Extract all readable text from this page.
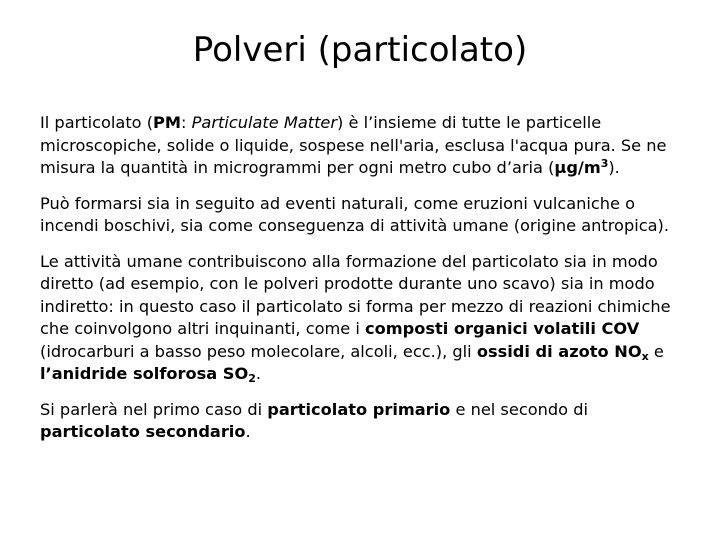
Polveri (particolato)

Il particolato (PM: Particulate Matter) è l’insieme di tutte le particelle microscopiche, solide o liquide, sospese nell'aria, esclusa l'acqua pura. Se ne misura la quantità in microgrammi per ogni metro cubo d’aria $(\mu g/m^3)$.

Può formarsi sia in seguito ad eventi naturali, come eruzioni vulcaniche o incendi boschivi, sia come conseguenza di attività umane (origine antropica).

Le attività umane contribuiscono alla formazione del particolato sia in modo diretto (ad esempio, con le polveri prodotte durante uno scavo) sia in modo indiretto: in questo caso il particolato si forma per mezzo di reazioni chimiche che coinvolgono altri inquinanti, come i composti organici volatili COV (idrocarburi a basso peso molecolare, alcoli, ecc.), gli ossidi di azoto $NO_x$ e l’anidride solforosa $SO_2$.

Si parlerà nel primo caso di particolato primario e nel secondo di particolato secondario.
